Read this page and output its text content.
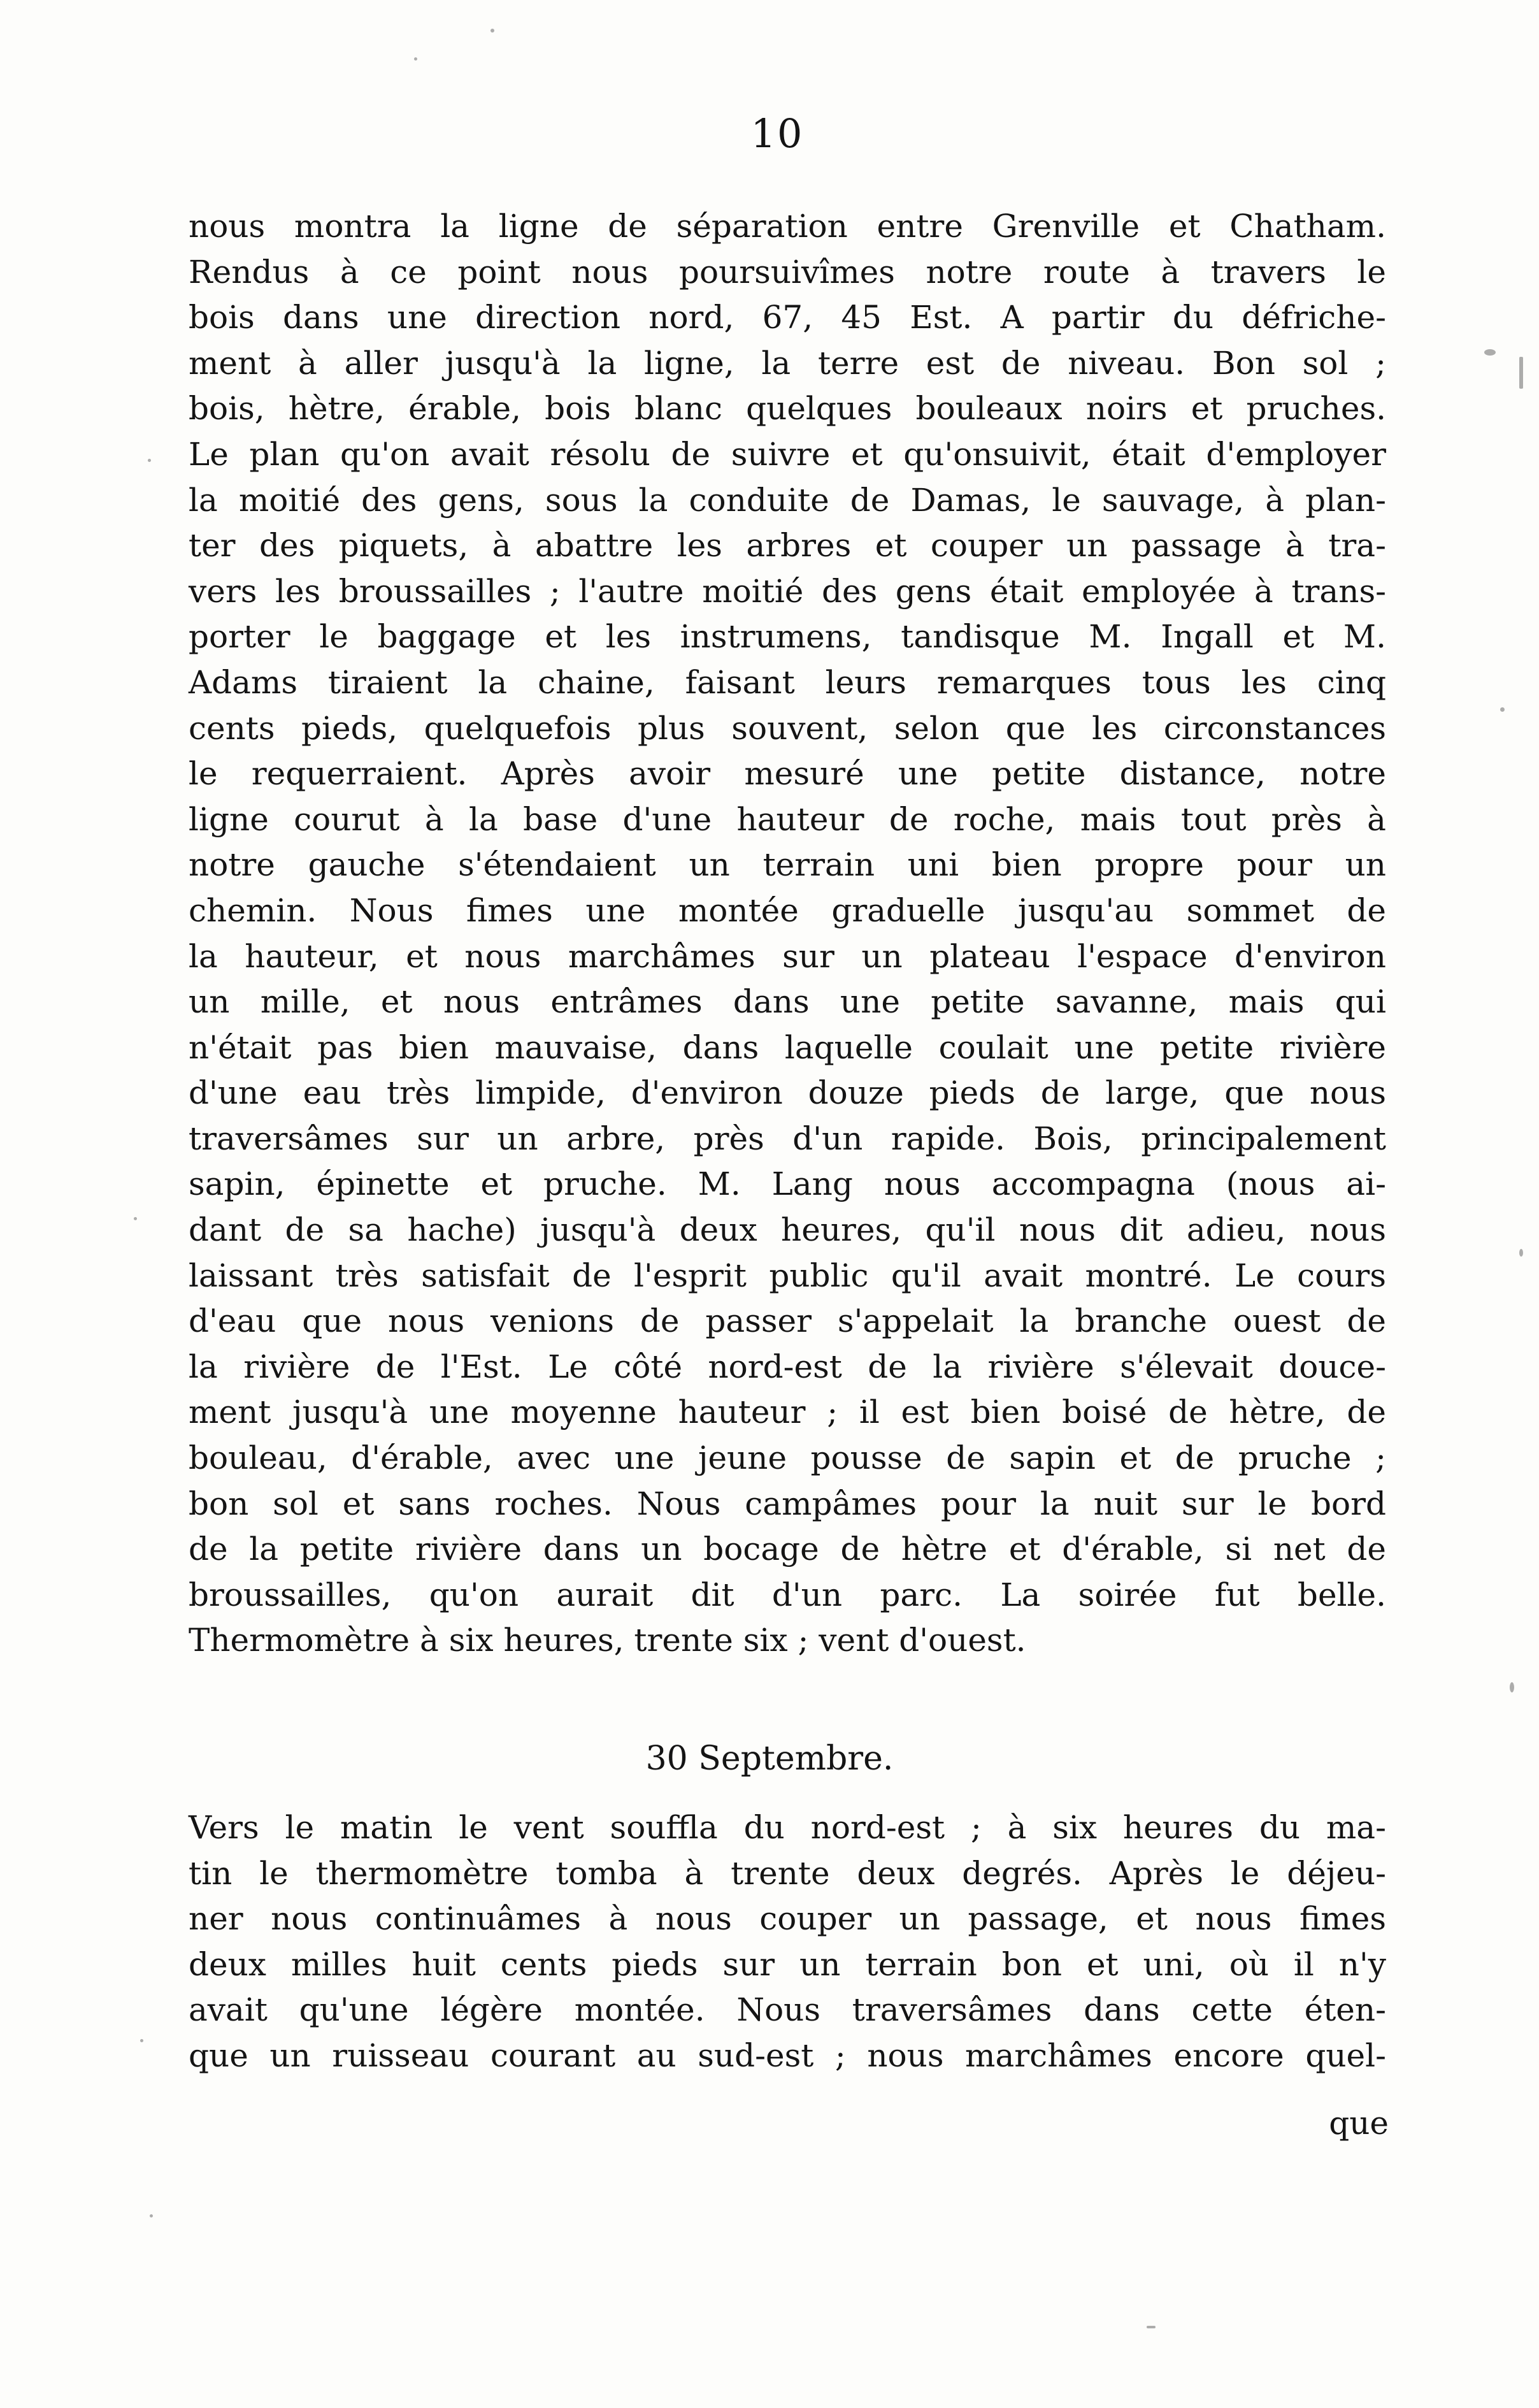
10
nous montra la ligne de séparation entre Grenville et Chatham.
Rendus à ce point nous poursuivîmes notre route à travers le
bois dans une direction nord, 67, 45 Est. A partir du défriche-
ment à aller jusqu'à la ligne, la terre est de niveau. Bon sol ;
bois, hètre, érable, bois blanc quelques bouleaux noirs et pruches.
Le plan qu'on avait résolu de suivre et qu'onsuivit, était d'employer
la moitié des gens, sous la conduite de Damas, le sauvage, à plan-
ter des piquets, à abattre les arbres et couper un passage à tra-
vers les broussailles ; l'autre moitié des gens était employée à trans-
porter le baggage et les instrumens, tandisque M. Ingall et M.
Adams tiraient la chaine, faisant leurs remarques tous les cinq
cents pieds, quelquefois plus souvent, selon que les circonstances
le requerraient. Après avoir mesuré une petite distance, notre
ligne courut à la base d'une hauteur de roche, mais tout près à
notre gauche s'étendaient un terrain uni bien propre pour un
chemin. Nous fimes une montée graduelle jusqu'au sommet de
la hauteur, et nous marchâmes sur un plateau l'espace d'environ
un mille, et nous entrâmes dans une petite savanne, mais qui
n'était pas bien mauvaise, dans laquelle coulait une petite rivière
d'une eau très limpide, d'environ douze pieds de large, que nous
traversâmes sur un arbre, près d'un rapide. Bois, principalement
sapin, épinette et pruche. M. Lang nous accompagna (nous ai-
dant de sa hache) jusqu'à deux heures, qu'il nous dit adieu, nous
laissant très satisfait de l'esprit public qu'il avait montré. Le cours
d'eau que nous venions de passer s'appelait la branche ouest de
la rivière de l'Est. Le côté nord-est de la rivière s'élevait douce-
ment jusqu'à une moyenne hauteur ; il est bien boisé de hètre, de
bouleau, d'érable, avec une jeune pousse de sapin et de pruche ;
bon sol et sans roches. Nous campâmes pour la nuit sur le bord
de la petite rivière dans un bocage de hètre et d'érable, si net de
broussailles, qu'on aurait dit d'un parc. La soirée fut belle.
Thermomètre à six heures, trente six ; vent d'ouest.
30 Septembre.
Vers le matin le vent souffla du nord-est ; à six heures du ma-
tin le thermomètre tomba à trente deux degrés. Après le déjeu-
ner nous continuâmes à nous couper un passage, et nous fimes
deux milles huit cents pieds sur un terrain bon et uni, où il n'y
avait qu'une légère montée. Nous traversâmes dans cette éten-
que un ruisseau courant au sud-est ; nous marchâmes encore quel-
que
